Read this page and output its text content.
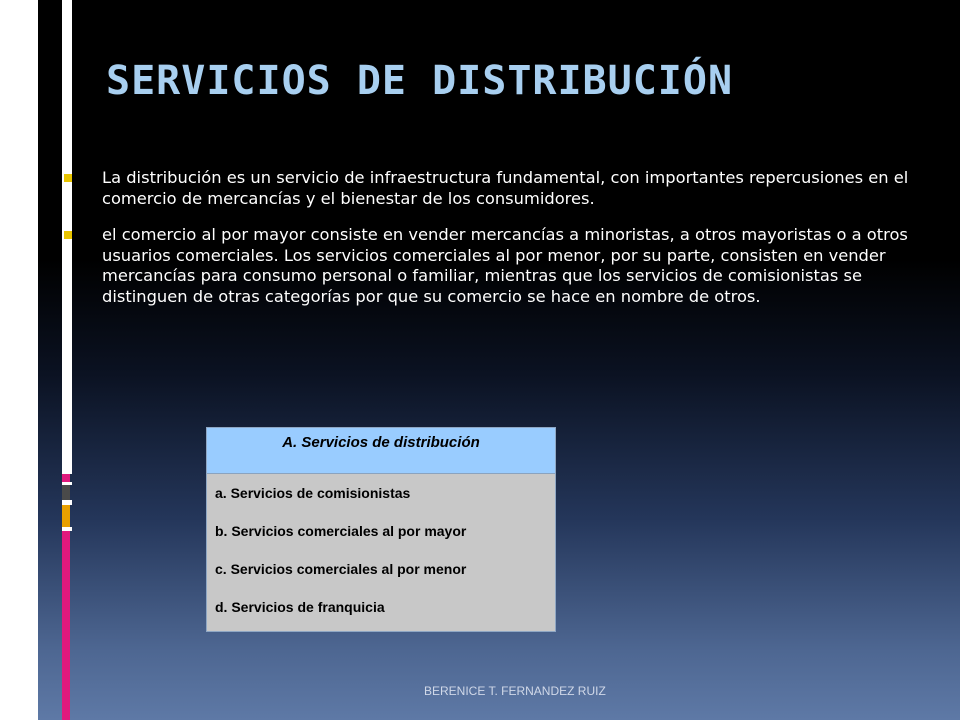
SERVICIOS DE DISTRIBUCIÓN
La distribución es un servicio de infraestructura fundamental, con importantes repercusiones en el comercio de mercancías y el bienestar de los consumidores.
el comercio al por mayor consiste en vender mercancías a minoristas, a otros mayoristas o a otros usuarios comerciales. Los servicios comerciales al por menor, por su parte, consisten en vender mercancías para consumo personal o familiar, mientras que los servicios de comisionistas se distinguen de otras categorías por que su comercio se hace en nombre de otros.
A. Servicios de distribución
a. Servicios de comisionistas
b. Servicios comerciales al por mayor
c. Servicios comerciales al por menor
d. Servicios de franquicia
BERENICE T. FERNANDEZ RUIZ
